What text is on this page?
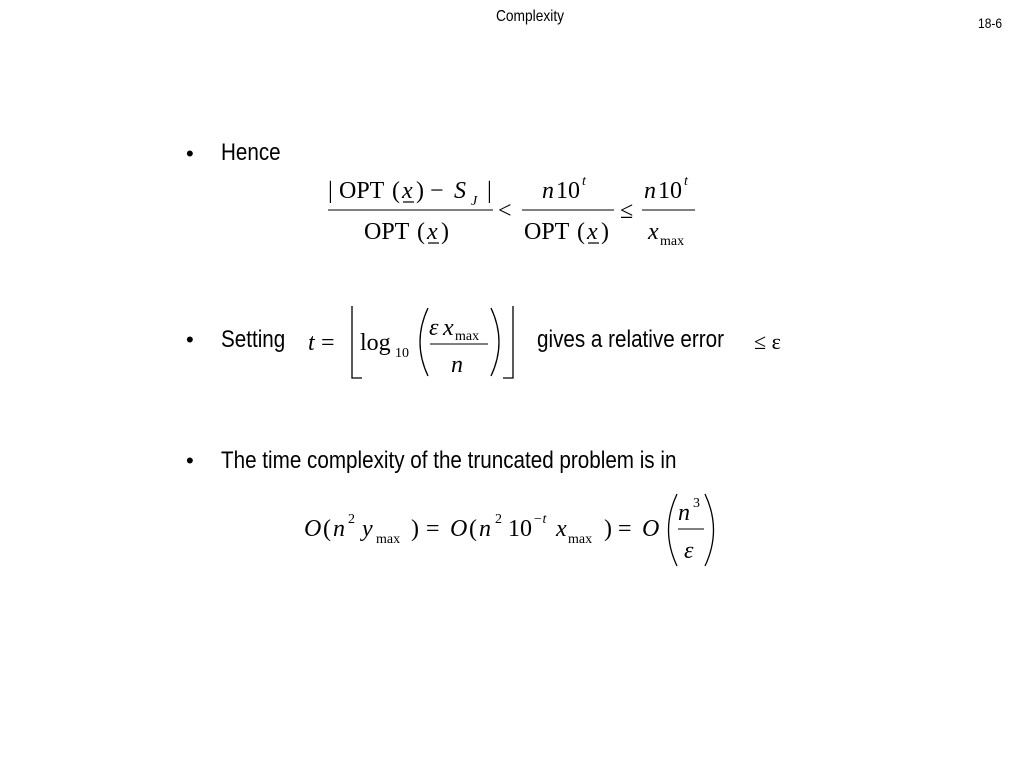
Complexity	18-6
• Hence
| OPT ( x ) − S J |
OPT ( x )
<
n 10 t
OPT ( x )
≤
n 10 t
x max
• Setting t = log 10
ε x max
n
gives a relative error ≤ ε
• The time complexity of the truncated problem is in
O ( n 2 y max ) = O ( n 2 10 −t x max ) = O
n 3
ε
